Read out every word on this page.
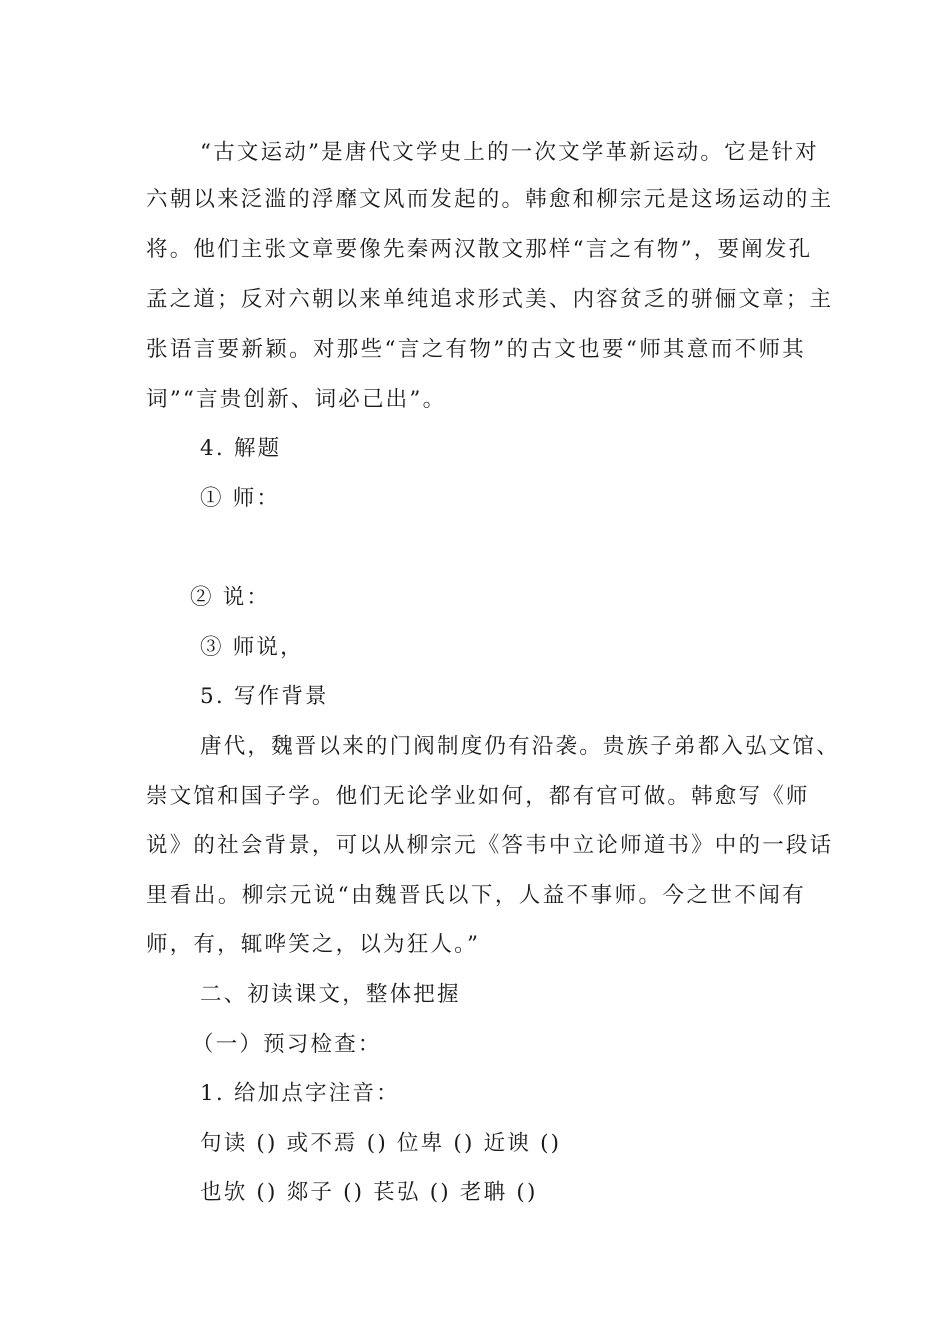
“古文运动”是唐代文学史上的一次文学革新运动。它是针对
六朝以来泛滥的浮靡文风而发起的。韩愈和柳宗元是这场运动的主
将。他们主张文章要像先秦两汉散文那样“言之有物”，要阐发孔
孟之道；反对六朝以来单纯追求形式美、内容贫乏的骈俪文章；主
张语言要新颖。对那些“言之有物”的古文也要“师其意而不师其
词”“言贵创新、词必己出”。
4. 解题
① 师：
② 说：
③ 师说，
5. 写作背景
唐代，魏晋以来的门阀制度仍有沿袭。贵族子弟都入弘文馆、
崇文馆和国子学。他们无论学业如何，都有官可做。韩愈写《师
说》的社会背景，可以从柳宗元《答韦中立论师道书》中的一段话
里看出。柳宗元说“由魏晋氏以下，人益不事师。今之世不闻有
师，有，辄哗笑之，以为狂人。”
二、初读课文，整体把握
（一）预习检查：
1. 给加点字注音：
句读 () 或不焉 () 位卑 () 近谀 ()
也欤 () 郯子 () 苌弘 () 老聃 ()
